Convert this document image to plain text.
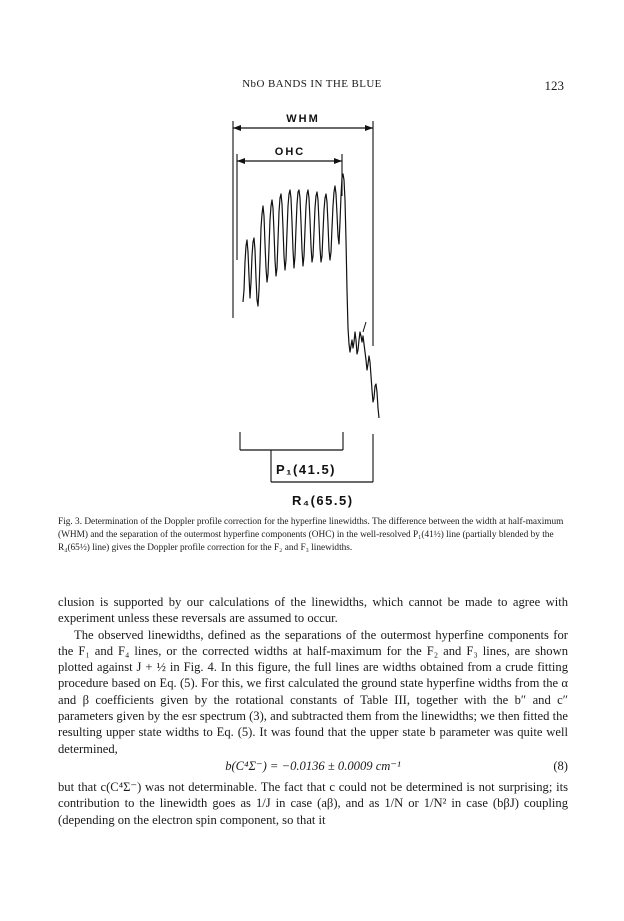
NbO BANDS IN THE BLUE	123
WHM
OHC
P₁(41.5)
R₄(65.5)
Fig. 3. Determination of the Doppler profile correction for the hyperfine linewidths. The difference between the width at half-maximum (WHM) and the separation of the outermost hyperfine components (OHC) in the well-resolved P₁(41½) line (partially blended by the R₄(65½) line) gives the Doppler profile correction for the F₂ and F₃ linewidths.

clusion is supported by our calculations of the linewidths, which cannot be made to agree with experiment unless these reversals are assumed to occur.

The observed linewidths, defined as the separations of the outermost hyperfine components for the F₁ and F₄ lines, or the corrected widths at half-maximum for the F₂ and F₃ lines, are shown plotted against J + ½ in Fig. 4. In this figure, the full lines are widths obtained from a crude fitting procedure based on Eq. (5). For this, we first calculated the ground state hyperfine widths from the α and β coefficients given by the rotational constants of Table III, together with the b″ and c″ parameters given by the esr spectrum (3), and subtracted them from the linewidths; we then fitted the resulting upper state widths to Eq. (5). It was found that the upper state b parameter was quite well determined,

b(C⁴Σ⁻) = −0.0136 ± 0.0009 cm⁻¹	(8)

but that c(C⁴Σ⁻) was not determinable. The fact that c could not be determined is not surprising; its contribution to the linewidth goes as 1/J in case (aβ), and as 1/N or 1/N² in case (bβJ) coupling (depending on the electron spin component, so that it
